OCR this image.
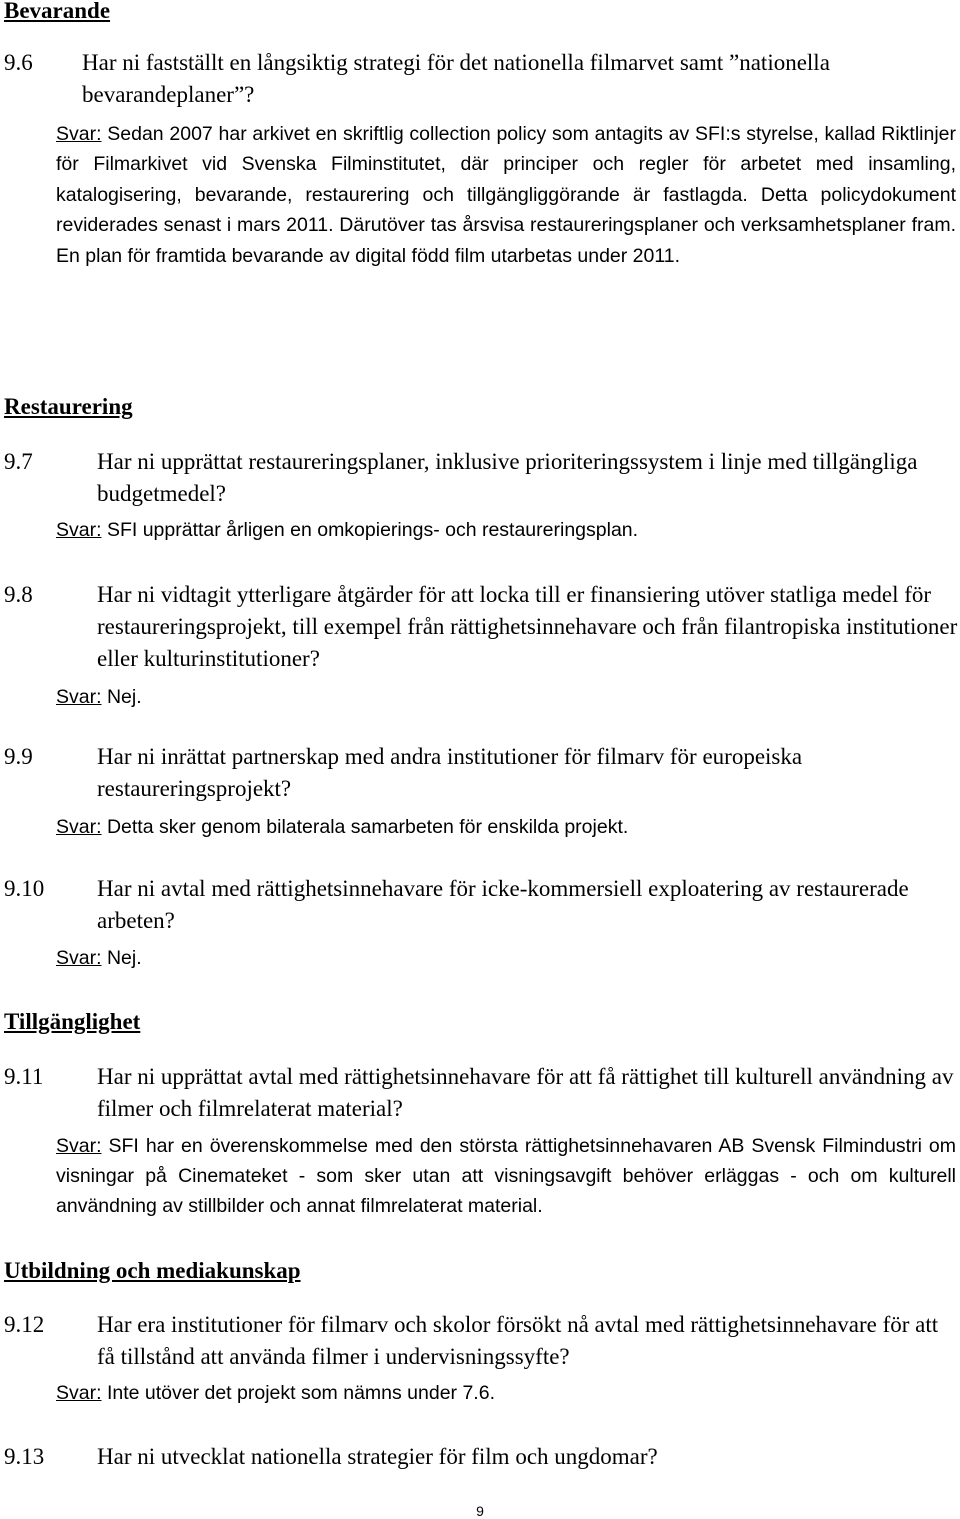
Bevarande
9.6 Har ni fastställt en långsiktig strategi för det nationella filmarvet samt ”nationella bevarandeplaner”?
Svar: Sedan 2007 har arkivet en skriftlig collection policy som antagits av SFI:s styrelse, kallad Riktlinjer för Filmarkivet vid Svenska Filminstitutet, där principer och regler för arbetet med insamling, katalogisering, bevarande, restaurering och tillgängliggörande är fastlagda. Detta policydokument reviderades senast i mars 2011. Därutöver tas årsvisa restaureringsplaner och verksamhetsplaner fram. En plan för framtida bevarande av digital född film utarbetas under 2011.
Restaurering
9.7	Har ni upprättat restaureringsplaner, inklusive prioriteringssystem i linje med tillgängliga budgetmedel?
Svar: SFI upprättar årligen en omkopierings- och restaureringsplan.
9.8	Har ni vidtagit ytterligare åtgärder för att locka till er finansiering utöver statliga medel för restaureringsprojekt, till exempel från rättighetsinnehavare och från filantropiska institutioner eller kulturinstitutioner?
Svar: Nej.
9.9	Har ni inrättat partnerskap med andra institutioner för filmarv för europeiska restaureringsprojekt?
Svar: Detta sker genom bilaterala samarbeten för enskilda projekt.
9.10 Har ni avtal med rättighetsinnehavare för icke-kommersiell exploatering av restaurerade arbeten?
Svar: Nej.
Tillgänglighet
9.11 Har ni upprättat avtal med rättighetsinnehavare för att få rättighet till kulturell användning av filmer och filmrelaterat material?
Svar: SFI har en överenskommelse med den största rättighetsinnehavaren AB Svensk Filmindustri om visningar på Cinemateket - som sker utan att visningsavgift behöver erläggas - och om kulturell användning av stillbilder och annat filmrelaterat material.
Utbildning och mediakunskap
9.12 Har era institutioner för filmarv och skolor försökt nå avtal med rättighetsinnehavare för att få tillstånd att använda filmer i undervisningssyfte?
Svar: Inte utöver det projekt som nämns under 7.6.
9.13 Har ni utvecklat nationella strategier för film och ungdomar?
9
